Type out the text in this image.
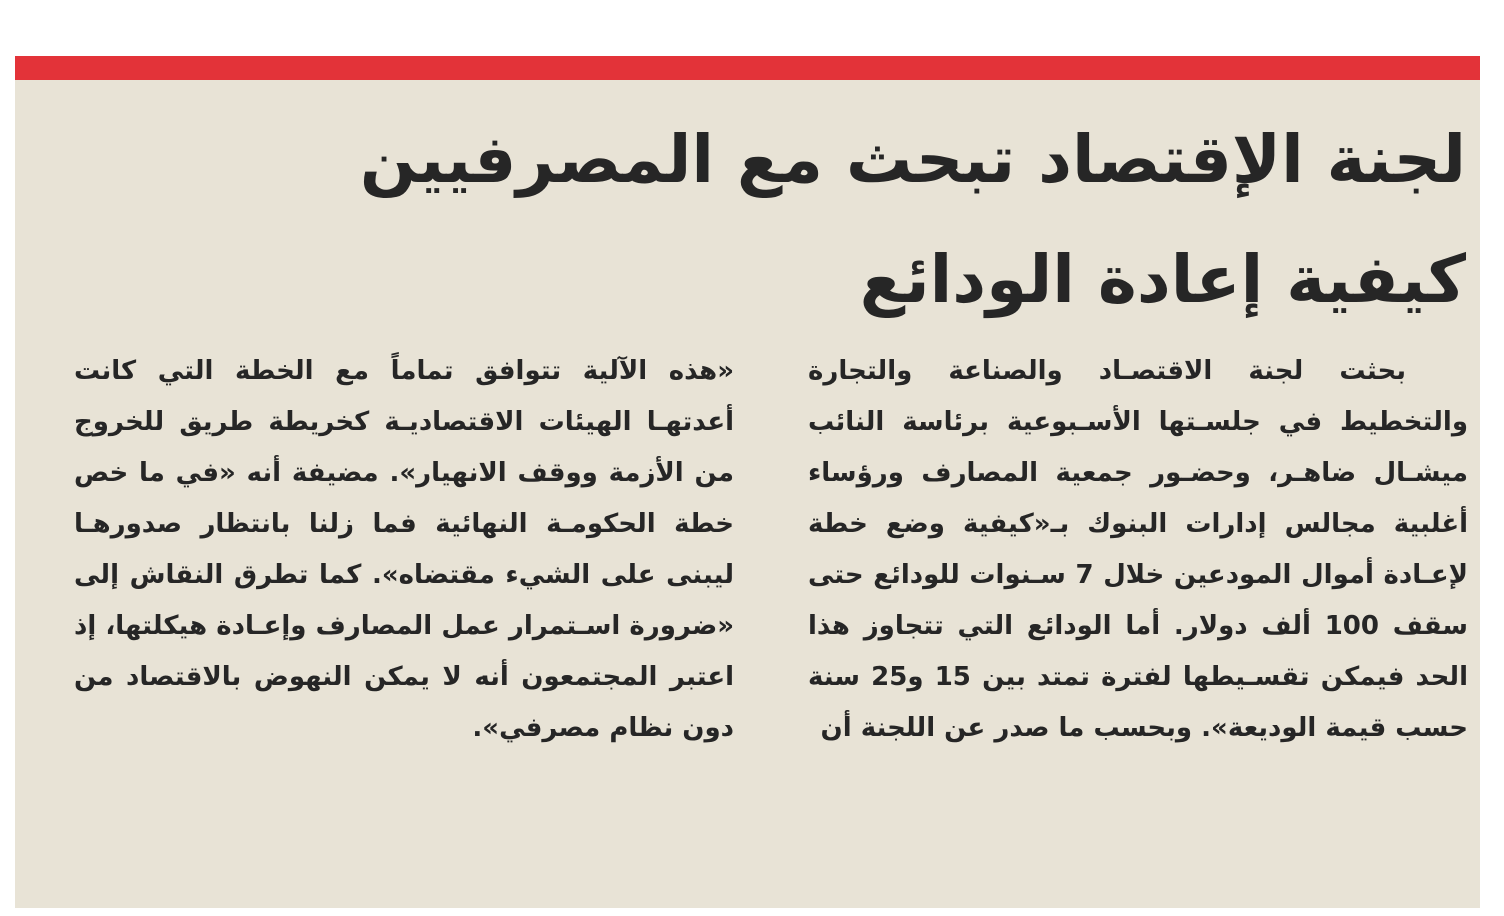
لجنة الإقتصاد تبحث مع المصرفيين
كيفية إعادة الودائع

بحثت لجنة الاقتصـاد والصناعة والتجارة والتخطيط في جلسـتها الأسـبوعية برئاسة النائب ميشـال ضاهـر، وحضـور جمعية المصارف ورؤساء أغلبية مجالس إدارات البنوك بـ«كيفية وضع خطة لإعـادة أموال المودعين خلال 7 سـنوات للودائع حتى سقف 100 ألف دولار. أما الودائع التي تتجاوز هذا الحد فيمكن تقسـيطها لفترة تمتد بين 15 و25 سنة حسب قيمة الوديعة». وبحسب ما صدر عن اللجنة أن

«هذه الآلية تتوافق تماماً مع الخطة التي كانت أعدتهـا الهيئات الاقتصاديـة كخريطة طريق للخروج من الأزمة ووقف الانهيار». مضيفة أنه «في ما خص خطة الحكومـة النهائية فما زلنا بانتظار صدورهـا ليبنى على الشيء مقتضاه». كما تطرق النقاش إلى «ضرورة اسـتمرار عمل المصارف وإعـادة هيكلتها، إذ اعتبر المجتمعون أنه لا يمكن النهوض بالاقتصاد من دون نظام مصرفي».
